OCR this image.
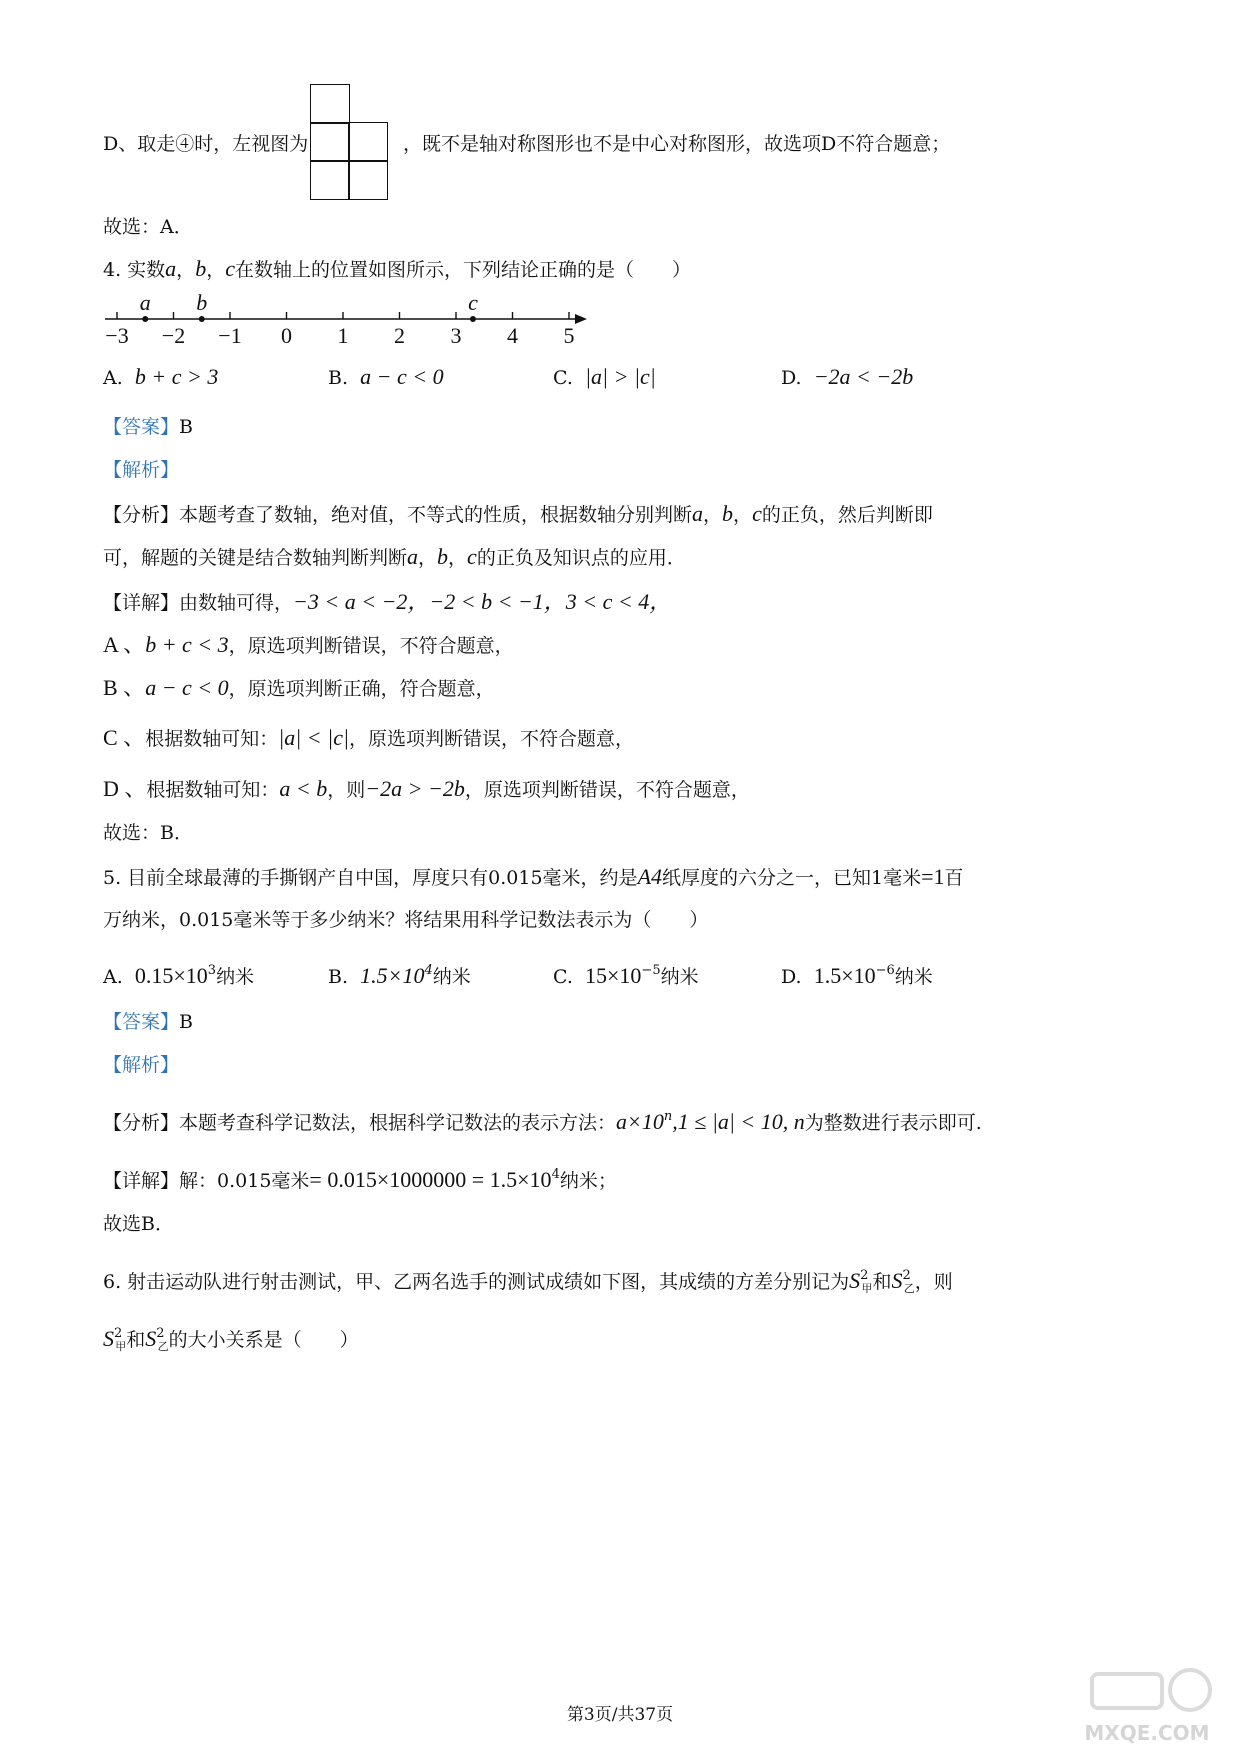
D、取走④时，左视图为	，既不是轴对称图形也不是中心对称图形，故选项D不符合题意；
故选：A．
4. 实数a，b，c在数轴上的位置如图所示，下列结论正确的是（　　）
−3 −2 −1 0 1 2 3 4 5
a b	c
A. b + c > 3	B. a − c < 0	C. |a| > |c|	D. −2a < −2b
【答案】B
【解析】
【分析】本题考查了数轴，绝对值，不等式的性质，根据数轴分别判断a，b，c的正负，然后判断即
可，解题的关键是结合数轴判断判断a，b，c的正负及知识点的应用．
【详解】由数轴可得，−3 < a < −2，−2 < b < −1，3 < c < 4，
A 、b + c < 3，原选项判断错误，不符合题意，
B 、a − c < 0，原选项判断正确，符合题意，
C 、根据数轴可知：|a| < |c|，原选项判断错误，不符合题意，
D 、根据数轴可知：a < b，则−2a > −2b，原选项判断错误，不符合题意，
故选：B．
5. 目前全球最薄的手撕钢产自中国，厚度只有0.015毫米，约是A4纸厚度的六分之一，已知1毫米=1百
万纳米，0.015毫米等于多少纳米？将结果用科学记数法表示为（　　）
A. $0.15\times 10^3$纳米	B. $1.5\times 10^4$纳米	C. $15\times 10^{-5}$纳米	D. $1.5\times 10^{-6}$纳米
【答案】B
【解析】
【分析】本题考查科学记数法，根据科学记数法的表示方法：$a\times 10^n,1 \le |a| < 10$, n为整数进行表示即可.
【详解】解：0.015毫米= $0.015\times 1000000 = 1.5\times 10^4$纳米；
故选B．
6. 射击运动队进行射击测试，甲、乙两名选手的测试成绩如下图，其成绩的方差分别记为$S^2_甲$和$S^2_乙$，则
$S^2_甲$和$S^2_乙$的大小关系是（　　）
第3页/共37页
MXQE.COM
